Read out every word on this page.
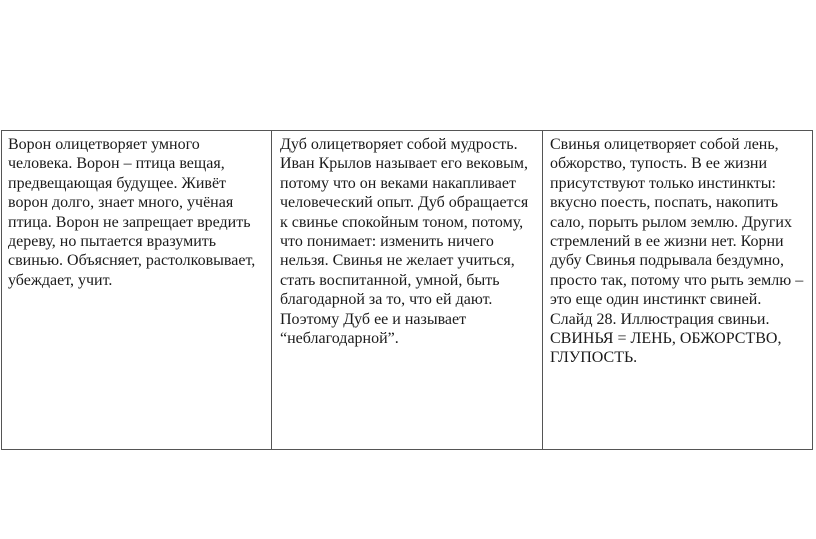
Ворон олицетворяет умного
человека. Ворон – птица вещая,
предвещающая будущее. Живёт
ворон долго, знает много, учёная
птица. Ворон не запрещает вредить
дереву, но пытается вразумить
свинью. Объясняет, растолковывает,
убеждает, учит.
Дуб олицетворяет собой мудрость.
Иван Крылов называет его вековым,
потому что он веками накапливает
человеческий опыт. Дуб обращается
к свинье спокойным тоном, потому,
что понимает: изменить ничего
нельзя. Свинья не желает учиться,
стать воспитанной, умной, быть
благодарной за то, что ей дают.
Поэтому Дуб ее и называет
“неблагодарной”.
Свинья олицетворяет собой лень,
обжорство, тупость. В ее жизни
присутствуют только инстинкты:
вкусно поесть, поспать, накопить
сало, порыть рылом землю. Других
стремлений в ее жизни нет. Корни
дубу Свинья подрывала бездумно,
просто так, потому что рыть землю –
это еще один инстинкт свиней.
Слайд 28. Иллюстрация свиньи.
СВИНЬЯ = ЛЕНЬ, ОБЖОРСТВО,
ГЛУПОСТЬ.
